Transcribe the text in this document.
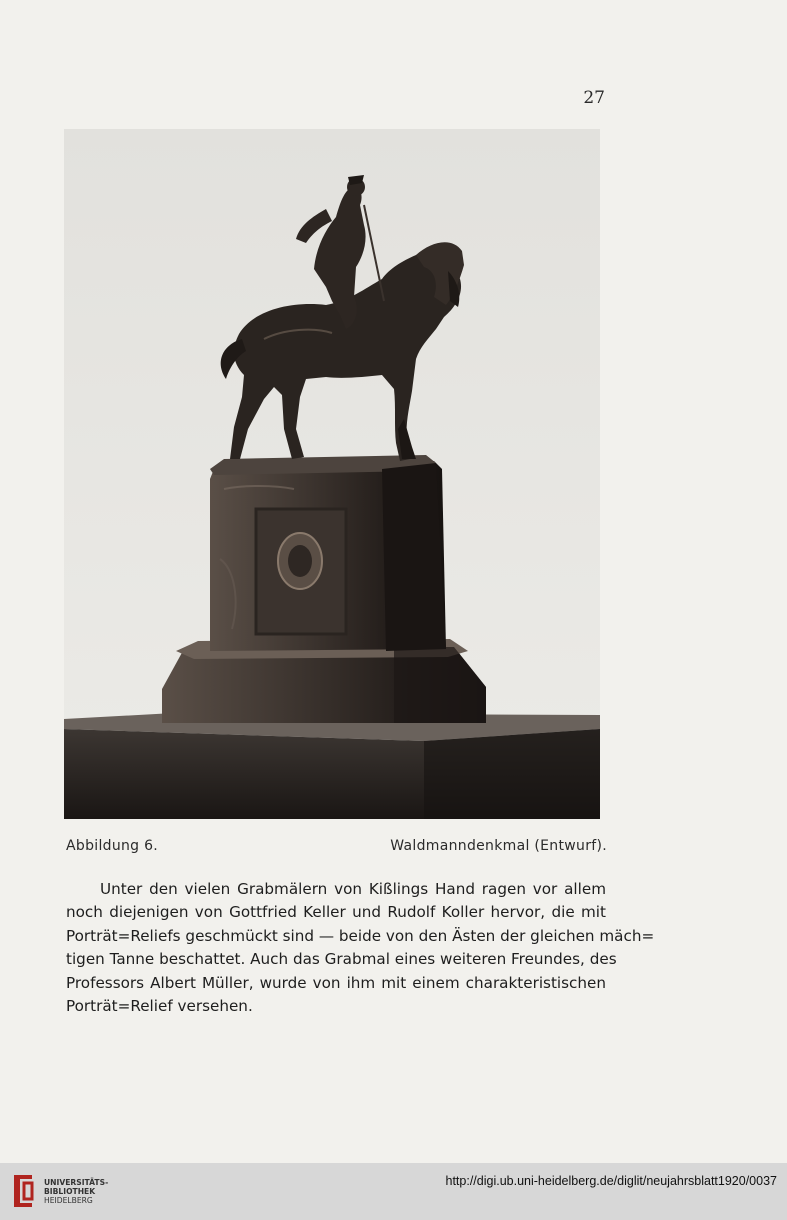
27
Abbildung 6.	Waldmanndenkmal (Entwurf).
Unter den vielen Grabmälern von Kißlings Hand ragen vor allem
noch diejenigen von Gottfried Keller und Rudolf Koller hervor, die mit
Porträt=Reliefs geschmückt sind — beide von den Ästen der gleichen mäch=
tigen Tanne beschattet. Auch das Grabmal eines weiteren Freundes, des
Professors Albert Müller, wurde von ihm mit einem charakteristischen
Porträt=Relief versehen.
UNIVERSITÄTS-
BIBLIOTHEK
HEIDELBERG
http://digi.ub.uni-heidelberg.de/diglit/neujahrsblatt1920/0037
